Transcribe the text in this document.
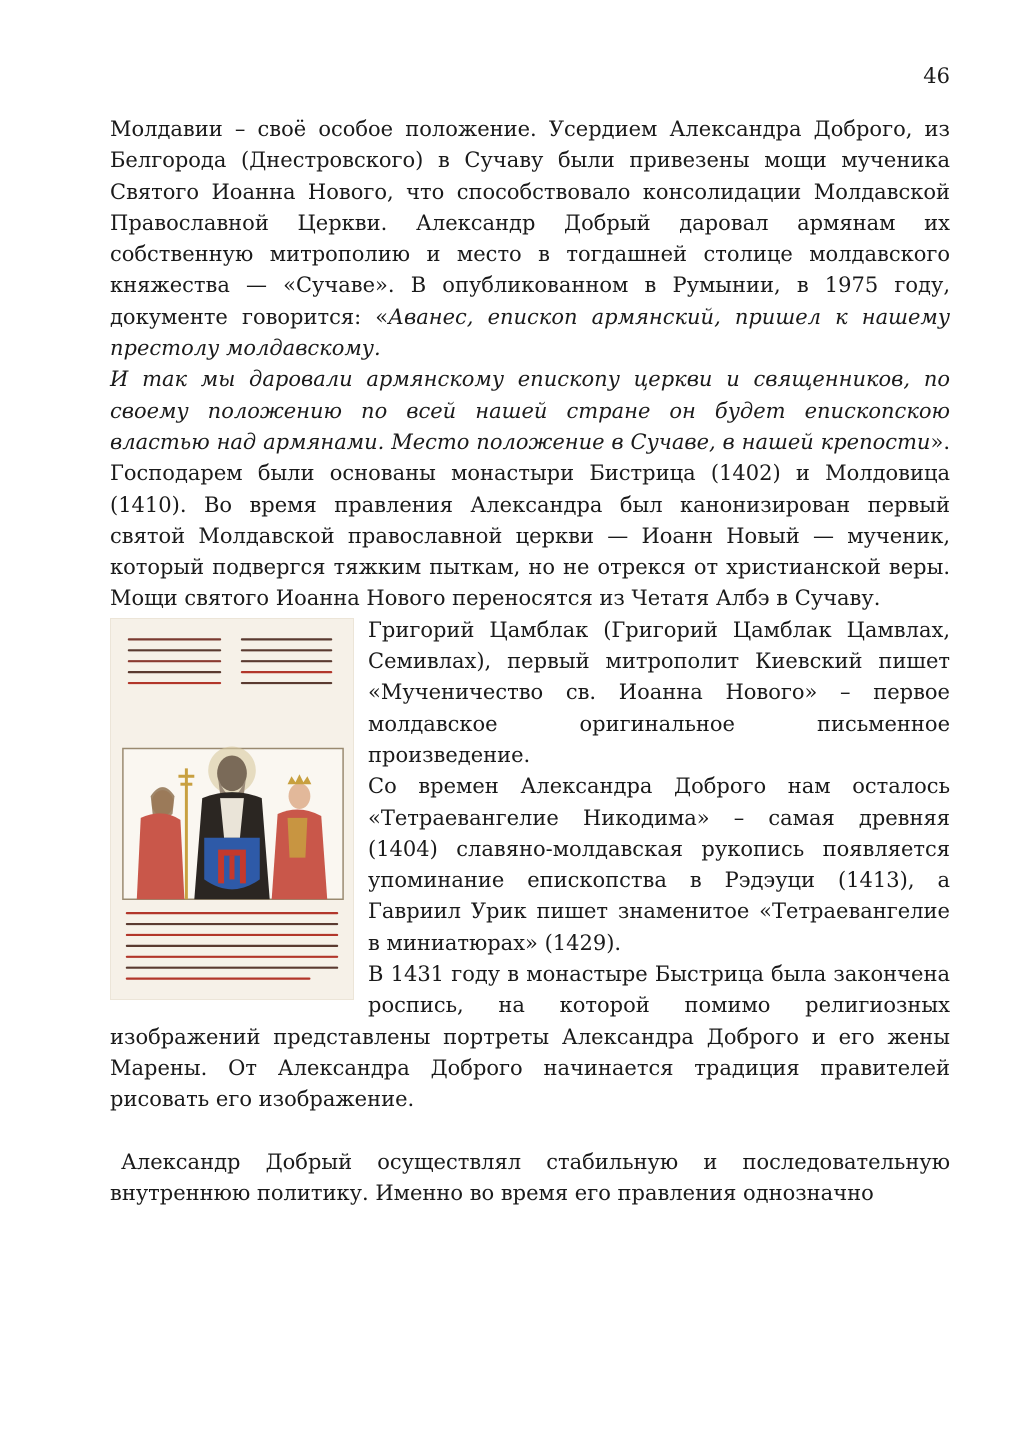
46

Молдавии – своё особое положение. Усердием Александра Доброго, из Белгорода (Днестровского) в Сучаву были привезены мощи мученика Святого Иоанна Нового, что способствовало консолидации Молдавской Православной Церкви. Александр Добрый даровал армянам их собственную митрополию и место в тогдашней столице молдавского княжества — «Сучаве». В опубликованном в Румынии, в 1975 году, документе говорится: «Аванес, епископ армянский, пришел к нашему престолу молдавскому.

И так мы даровали армянскому епископу церкви и священников, по своему положению по всей нашей стране он будет епископскою властью над армянами. Место положение в Сучаве, в нашей крепости». Господарем были основаны монастыри Бистрица (1402) и Молдовица (1410). Во время правления Александра был канонизирован первый святой Молдавской православной церкви — Иоанн Новый — мученик, который подвергся тяжким пыткам, но не отрекся от христианской веры. Мощи святого Иоанна Нового переносятся из Четатя Албэ в Сучаву.

Григорий Цамблак (Григорий Цамблак Цамвлах, Семивлах), первый митрополит Киевский пишет «Мученичество св. Иоанна Нового» – первое молдавское оригинальное письменное произведение.

Со времен Александра Доброго нам осталось «Тетраевангелие Никодима» – самая древняя (1404) славяно-молдавская рукопись появляется упоминание епископства в Рэдэуци (1413), а Гавриил Урик пишет знаменитое «Тетраевангелие в миниатюрах» (1429).

В 1431 году в монастыре Быстрица была закончена роспись, на которой помимо религиозных изображений представлены портреты Александра Доброго и его жены Марены. От Александра Доброго начинается традиция правителей рисовать его изображение.

Александр Добрый осуществлял стабильную и последовательную внутреннюю политику. Именно во время его правления однозначно
